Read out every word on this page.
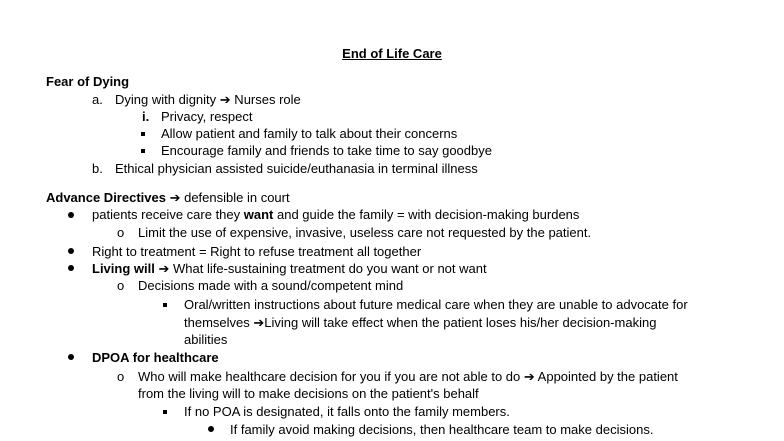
End of Life Care
Fear of Dying
a. Dying with dignity ➔ Nurses role
i. Privacy, respect
Allow patient and family to talk about their concerns
Encourage family and friends to take time to say goodbye
b. Ethical physician assisted suicide/euthanasia in terminal illness
Advance Directives ➔ defensible in court
patients receive care they want and guide the family = with decision-making burdens
o Limit the use of expensive, invasive, useless care not requested by the patient.
Right to treatment = Right to refuse treatment all together
Living will ➔ What life-sustaining treatment do you want or not want
o Decisions made with a sound/competent mind
Oral/written instructions about future medical care when they are unable to advocate for
themselves ➔Living will take effect when the patient loses his/her decision-making
abilities
DPOA for healthcare
o Who will make healthcare decision for you if you are not able to do ➔ Appointed by the patient
from the living will to make decisions on the patient's behalf
If no POA is designated, it falls onto the family members.
If family avoid making decisions, then healthcare team to make decisions.
